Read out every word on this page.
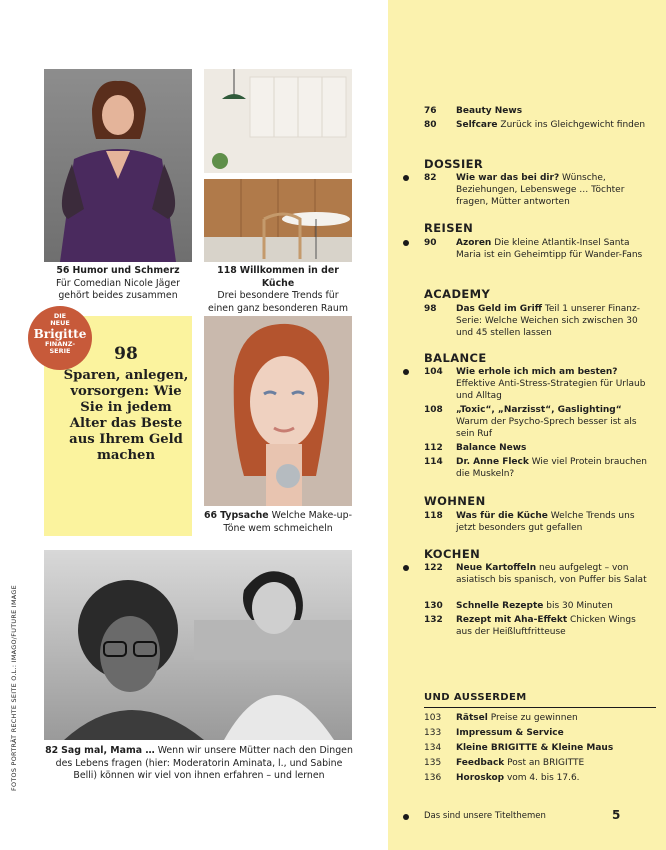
FOTOS PORTRÄT RECHTE SEITE O.L.: IMAGO/FUTURE IMAGE
56 Humor und Schmerz
Für Comedian Nicole Jäger gehört beides zusammen
118 Willkommen in der Küche
Drei besondere Trends für einen ganz besonderen Raum
98
Sparen, anlegen, vorsorgen: Wie Sie in jedem Alter das Beste aus Ihrem Geld machen
DIE
NEUE
Brigitte
FINANZ-
SERIE
66 Typsache Welche Make-up-Töne wem schmeicheln
82 Sag mal, Mama … Wenn wir unsere Mütter nach den Dingen des Lebens fragen (hier: Moderatorin Aminata, l., und Sabine Belli) können wir viel von ihnen erfahren – und lernen
76	Beauty News
80	Selfcare Zurück ins Gleichgewicht finden
DOSSIER
82	Wie war das bei dir? Wünsche, Beziehungen, Lebenswege … Töchter fragen, Mütter antworten
REISEN
90	Azoren Die kleine Atlantik-Insel Santa Maria ist ein Geheimtipp für Wander-Fans
ACADEMY
98	Das Geld im Griff Teil 1 unserer Finanz-Serie: Welche Weichen sich zwischen 30 und 45 stellen lassen
BALANCE
104	Wie erhole ich mich am besten? Effektive Anti-Stress-Strategien für Urlaub und Alltag
108	„Toxic“, „Narzisst“, Gaslighting“ Warum der Psycho-Sprech besser ist als sein Ruf
112	Balance News
114	Dr. Anne Fleck Wie viel Protein brauchen die Muskeln?
WOHNEN
118	Was für die Küche Welche Trends uns jetzt besonders gut gefallen
KOCHEN
122	Neue Kartoffeln neu aufgelegt – von asiatisch bis spanisch, von Puffer bis Salat
130	Schnelle Rezepte bis 30 Minuten
132	Rezept mit Aha-Effekt Chicken Wings aus der Heißluftfritteuse
UND AUSSERDEM
103	Rätsel Preise zu gewinnen
133	Impressum & Service
134	Kleine BRIGITTE & Kleine Maus
135	Feedback Post an BRIGITTE
136	Horoskop vom 4. bis 17.6.
Das sind unsere Titelthemen	5
